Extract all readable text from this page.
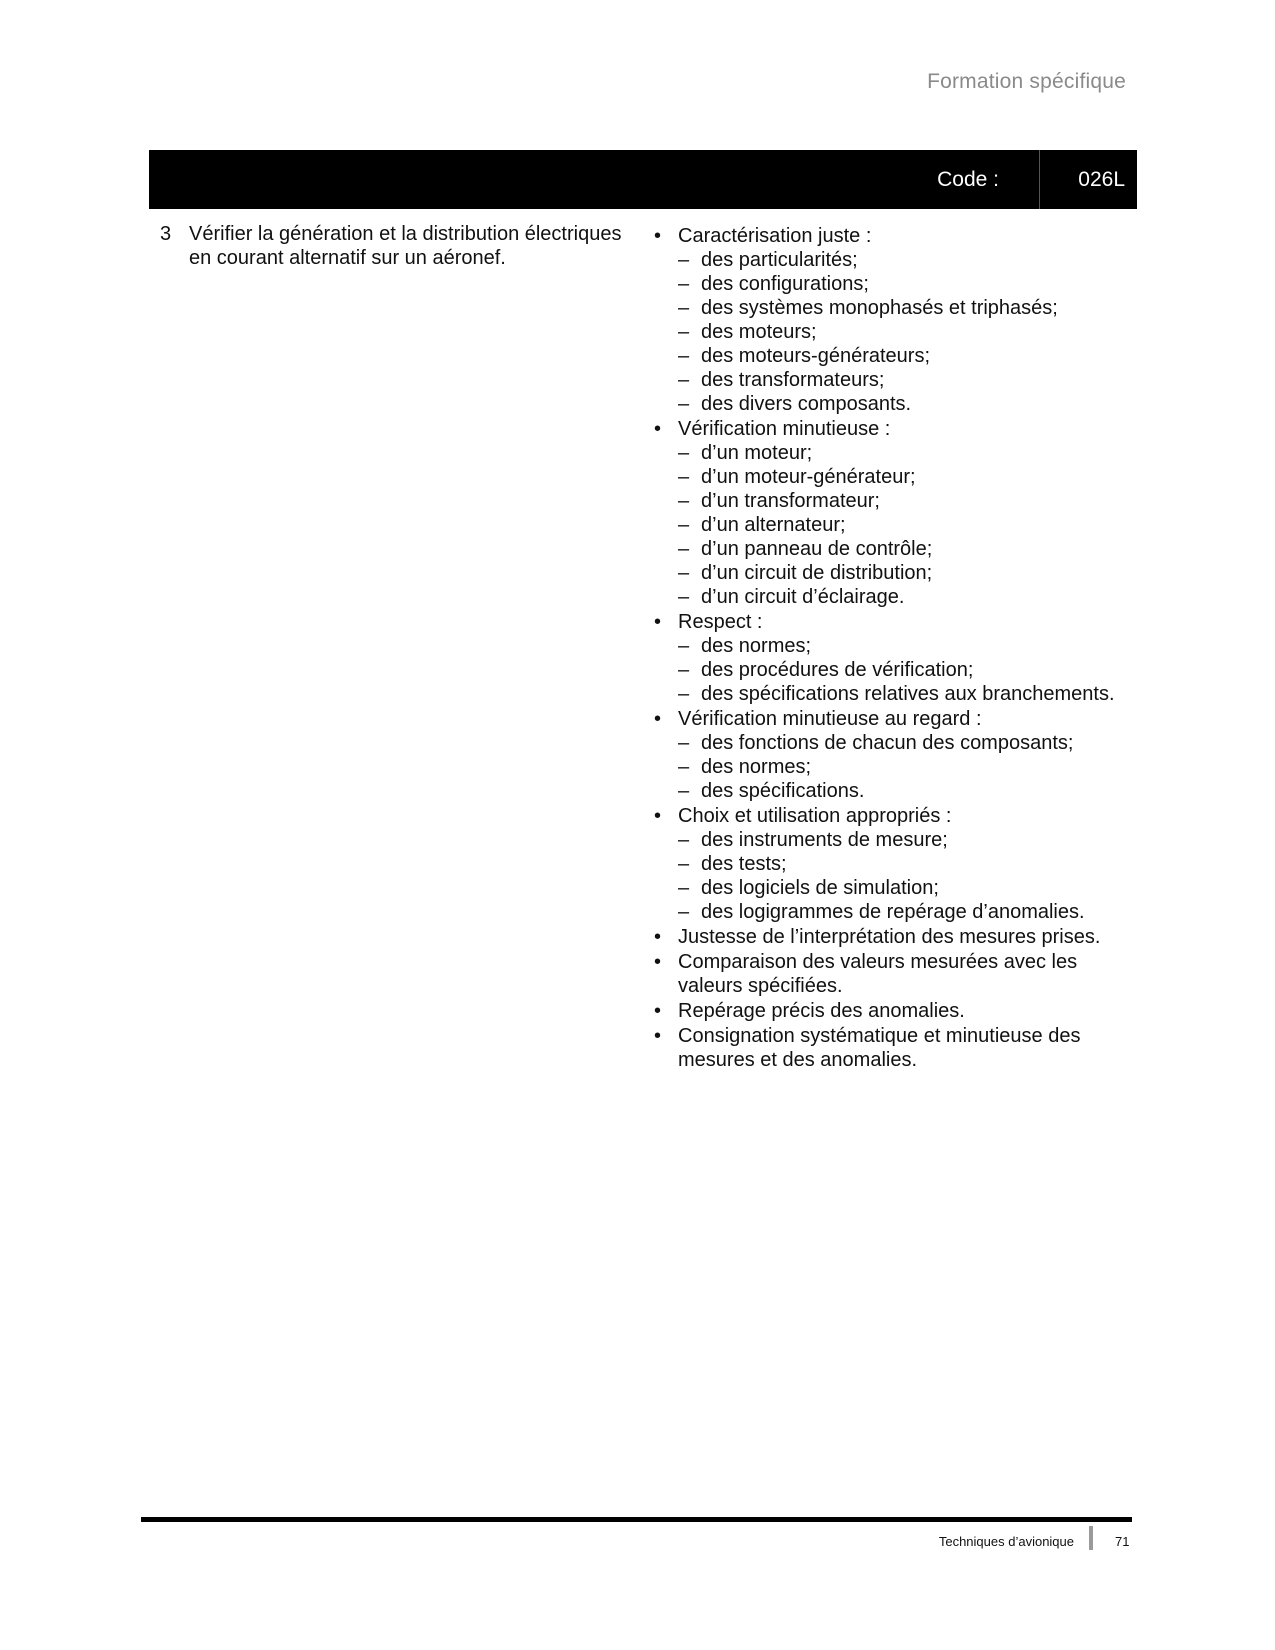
Formation spécifique
Code :	026L
3 Vérifier la génération et la distribution électriques en courant alternatif sur un aéronef.
• Caractérisation juste :
– des particularités;
– des configurations;
– des systèmes monophasés et triphasés;
– des moteurs;
– des moteurs-générateurs;
– des transformateurs;
– des divers composants.
• Vérification minutieuse :
– d’un moteur;
– d’un moteur-générateur;
– d’un transformateur;
– d’un alternateur;
– d’un panneau de contrôle;
– d’un circuit de distribution;
– d’un circuit d’éclairage.
• Respect :
– des normes;
– des procédures de vérification;
– des spécifications relatives aux branchements.
• Vérification minutieuse au regard :
– des fonctions de chacun des composants;
– des normes;
– des spécifications.
• Choix et utilisation appropriés :
– des instruments de mesure;
– des tests;
– des logiciels de simulation;
– des logigrammes de repérage d’anomalies.
• Justesse de l’interprétation des mesures prises.
• Comparaison des valeurs mesurées avec les valeurs spécifiées.
• Repérage précis des anomalies.
• Consignation systématique et minutieuse des mesures et des anomalies.
Techniques d’avionique	71
